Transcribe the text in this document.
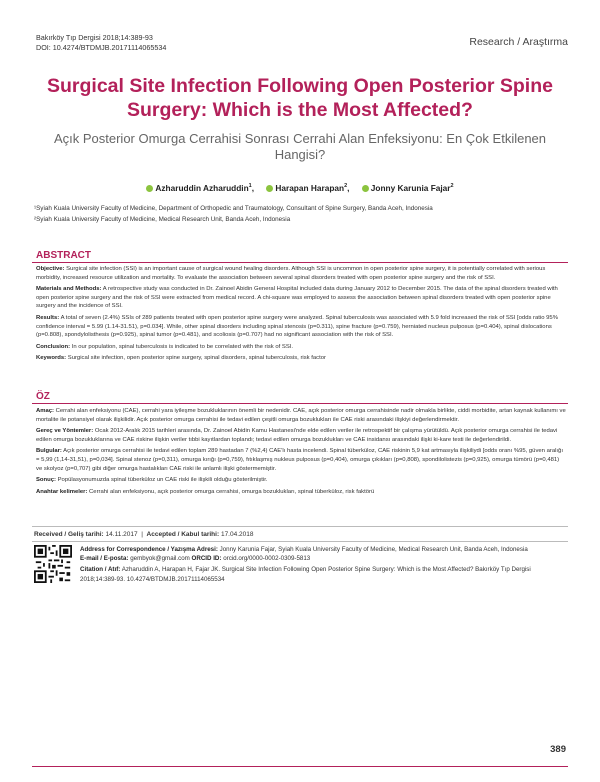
Bakırköy Tıp Dergisi 2018;14:389-93
DOI: 10.4274/BTDMJB.20171114065534	Research / Araştırma
Surgical Site Infection Following Open Posterior Spine Surgery: Which is the Most Affected?
Açık Posterior Omurga Cerrahisi Sonrası Cerrahi Alan Enfeksiyonu: En Çok Etkilenen Hangisi?
Azharuddin Azharuddin$^1$,	Harapan Harapan$^2$,	Jonny Karunia Fajar$^2$
¹Syiah Kuala University Faculty of Medicine, Department of Orthopedic and Traumatology, Consultant of Spine Surgery, Banda Aceh, Indonesia
²Syiah Kuala University Faculty of Medicine, Medical Research Unit, Banda Aceh, Indonesia
ABSTRACT

Objective: Surgical site infection (SSI) is an important cause of surgical wound healing disorders. Although SSI is uncommon in open posterior spine surgery, it is potentially correlated with serious morbidity, increased resource utilization and mortality. To evaluate the association between several spinal disorders treated with open posterior spine surgery and the risk of SSI.

Materials and Methods: A retrospective study was conducted in Dr. Zainoel Abidin General Hospital included data during January 2012 to December 2015. The data of the spinal disorders treated with open posterior spine surgery and the risk of SSI were extracted from medical record. A chi-square was employed to assess the association between spinal disorders treated with open posterior spine surgery and the incidence of SSI.

Results: A total of seven (2.4%) SSIs of 289 patients treated with open posterior spine surgery were analyzed. Spinal tuberculosis was associated with 5.9 fold increased the risk of SSI [odds ratio 95% confidence interval = 5.99 (1.14-31.51), p=0.034]. While, other spinal disorders including spinal stenosis (p=0.311), spine fracture (p=0.759), herniated nucleus pulposus (p=0.404), spinal dislocations (p=0.808), spondylolisthesis (p=0.925), spinal tumor (p=0.481), and scoliosis (p=0.707) had no significant association with the risk of SSI.

Conclusion: In our population, spinal tuberculosis is indicated to be correlated with the risk of SSI.

Keywords: Surgical site infection, open posterior spine surgery, spinal disorders, spinal tuberculosis, risk factor

ÖZ

Amaç: Cerrahi alan enfeksiyonu (CAE), cerrahi yara iyileşme bozukluklarının önemli bir nedenidir. CAE, açık posterior omurga cerrahisinde nadir olmakla birlikte, ciddi morbidite, artan kaynak kullanımı ve mortalite ile potansiyel olarak ilişkilidir. Açık posterior omurga cerrahisi ile tedavi edilen çeşitli omurga bozuklukları ile CAE riski arasındaki ilişkiyi değerlendirmektir.

Gereç ve Yöntemler: Ocak 2012-Aralık 2015 tarihleri arasında, Dr. Zainoel Abidin Kamu Hastanesi'nde elde edilen veriler ile retrospektif bir çalışma yürütüldü. Açık posterior omurga cerrahisi ile tedavi edilen omurga bozukluklarına ve CAE riskine ilişkin veriler tıbbi kayıtlardan toplandı; tedavi edilen omurga bozuklukları ve CAE insidansı arasındaki ilişki ki-kare testi ile değerlendirildi.

Bulgular: Açık posterior omurga cerrahisi ile tedavi edilen toplam 289 hastadan 7 (%2,4) CAE'lı hasta incelendi. Spinal tüberküloz, CAE riskinin 5,9 kat artmasıyla ilişkiliydi [odds oranı %95, güven aralığı = 5,99 (1,14-31,51), p=0,034]. Spinal stenoz (p=0,311), omurga kırığı (p=0,759), fıtıklaşmış nukleus pulposus (p=0,404), omurga çıkıkları (p=0,808), spondilolistezis (p=0,925), omurga tümörü (p=0,481) ve skolyoz (p=0,707) gibi diğer omurga hastalıkları CAE riski ile anlamlı ilişki göstermemiştir.

Sonuç: Popülasyonumuzda spinal tüberküloz un CAE riski ile ilişkili olduğu gösterilmiştir.

Anahtar kelimeler: Cerrahi alan enfeksiyonu, açık posterior omurga cerrahisi, omurga bozuklukları, spinal tüberküloz, risk faktörü

Received / Geliş tarihi: 14.11.2017  |  Accepted / Kabul tarihi: 17.04.2018

Address for Correspondence / Yazışma Adresi: Jonny Karunia Fajar, Syiah Kuala University Faculty of Medicine, Medical Research Unit, Banda Aceh, Indonesia

E-mail / E-posta: gembyok@gmail.com ORCID ID: orcid.org/0000-0002-0309-5813

Citation / Atıf: Azharuddin A, Harapan H, Fajar JK. Surgical Site Infection Following Open Posterior Spine Surgery: Which is the Most Affected? Bakırköy Tıp Dergisi 2018;14:389-93. 10.4274/BTDMJB.20171114065534

389
